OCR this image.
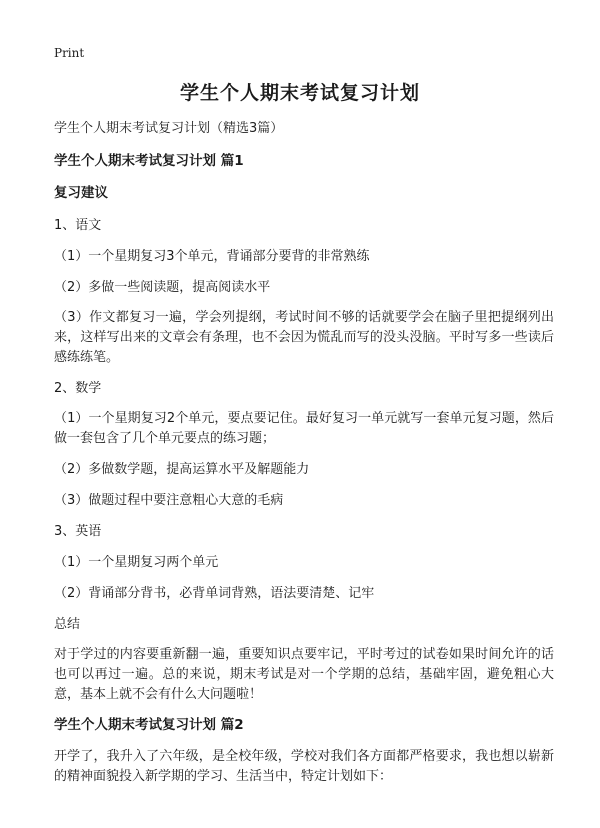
Print
学生个人期末考试复习计划
学生个人期末考试复习计划（精选3篇）
学生个人期末考试复习计划 篇1
复习建议
1、语文
（1）一个星期复习3个单元，背诵部分要背的非常熟练
（2）多做一些阅读题，提高阅读水平
（3）作文都复习一遍，学会列提纲，考试时间不够的话就要学会在脑子里把提纲列出来，这样写出来的文章会有条理，也不会因为慌乱而写的没头没脑。平时写多一些读后感练练笔。
2、数学
（1）一个星期复习2个单元，要点要记住。最好复习一单元就写一套单元复习题，然后做一套包含了几个单元要点的练习题；
（2）多做数学题，提高运算水平及解题能力
（3）做题过程中要注意粗心大意的毛病
3、英语
（1）一个星期复习两个单元
（2）背诵部分背书，必背单词背熟，语法要清楚、记牢
总结
对于学过的内容要重新翻一遍，重要知识点要牢记，平时考过的试卷如果时间允许的话也可以再过一遍。总的来说，期末考试是对一个学期的总结，基础牢固，避免粗心大意，基本上就不会有什么大问题啦！
学生个人期末考试复习计划 篇2
开学了，我升入了六年级，是全校年级，学校对我们各方面都严格要求，我也想以崭新的精神面貌投入新学期的学习、生活当中，特定计划如下：
